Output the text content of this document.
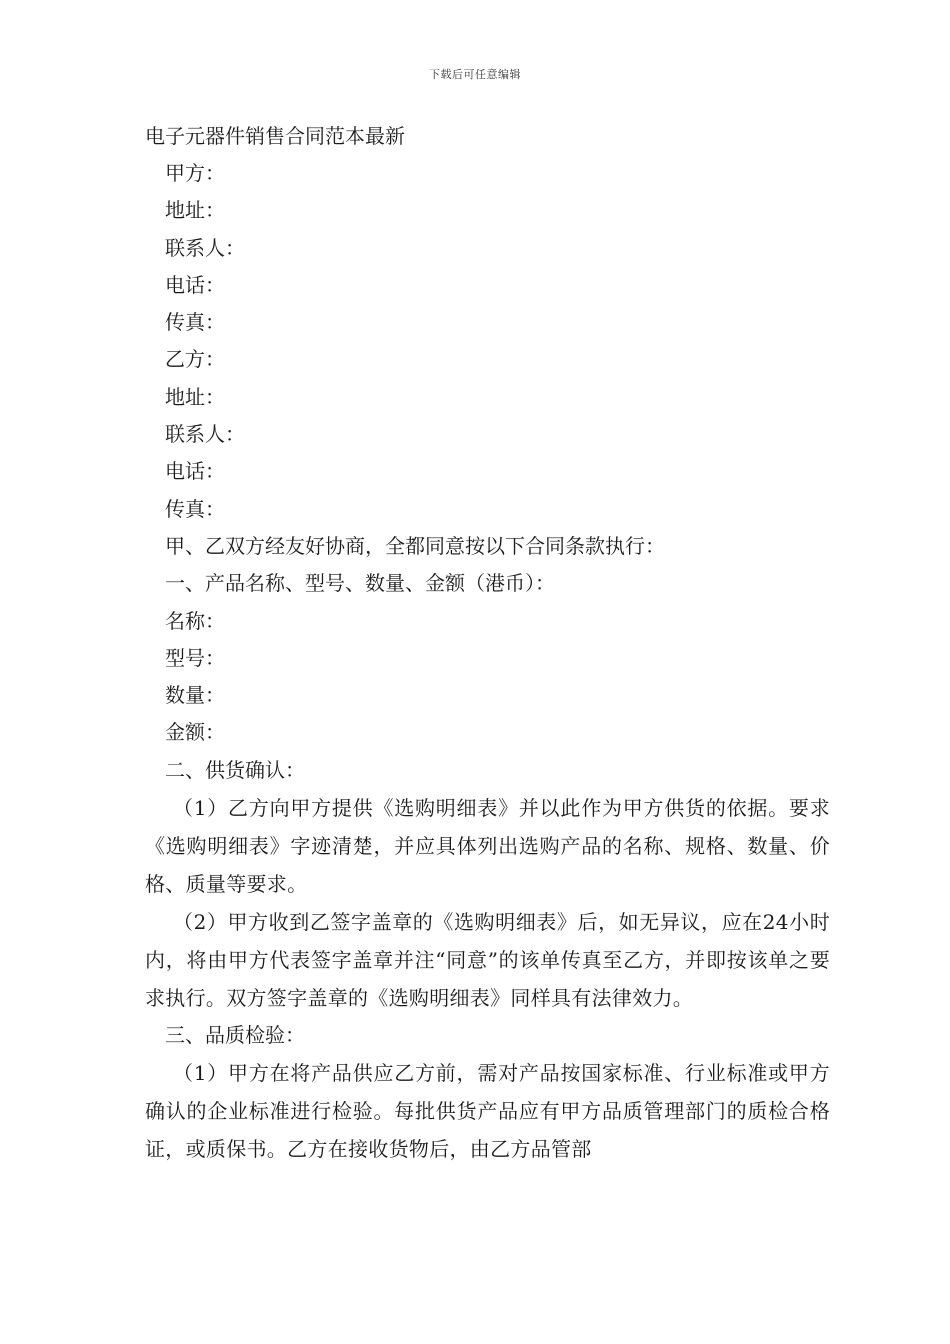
下载后可任意编辑

电子元器件销售合同范本最新

甲方：

地址：

联系人：

电话：

传真：

乙方：

地址：

联系人：

电话：

传真：

甲、乙双方经友好协商，全都同意按以下合同条款执行：

一、产品名称、型号、数量、金额（港币）：

名称：

型号：

数量：

金额：

二、供货确认：

（1）乙方向甲方提供《选购明细表》并以此作为甲方供货的依据。要求《选购明细表》字迹清楚，并应具体列出选购产品的名称、规格、数量、价格、质量等要求。

（2）甲方收到乙签字盖章的《选购明细表》后，如无异议，应在24小时内，将由甲方代表签字盖章并注“同意”的该单传真至乙方，并即按该单之要求执行。双方签字盖章的《选购明细表》同样具有法律效力。

三、品质检验：

（1）甲方在将产品供应乙方前，需对产品按国家标准、行业标准或甲方确认的企业标准进行检验。每批供货产品应有甲方品质管理部门的质检合格证，或质保书。乙方在接收货物后，由乙方品管部
